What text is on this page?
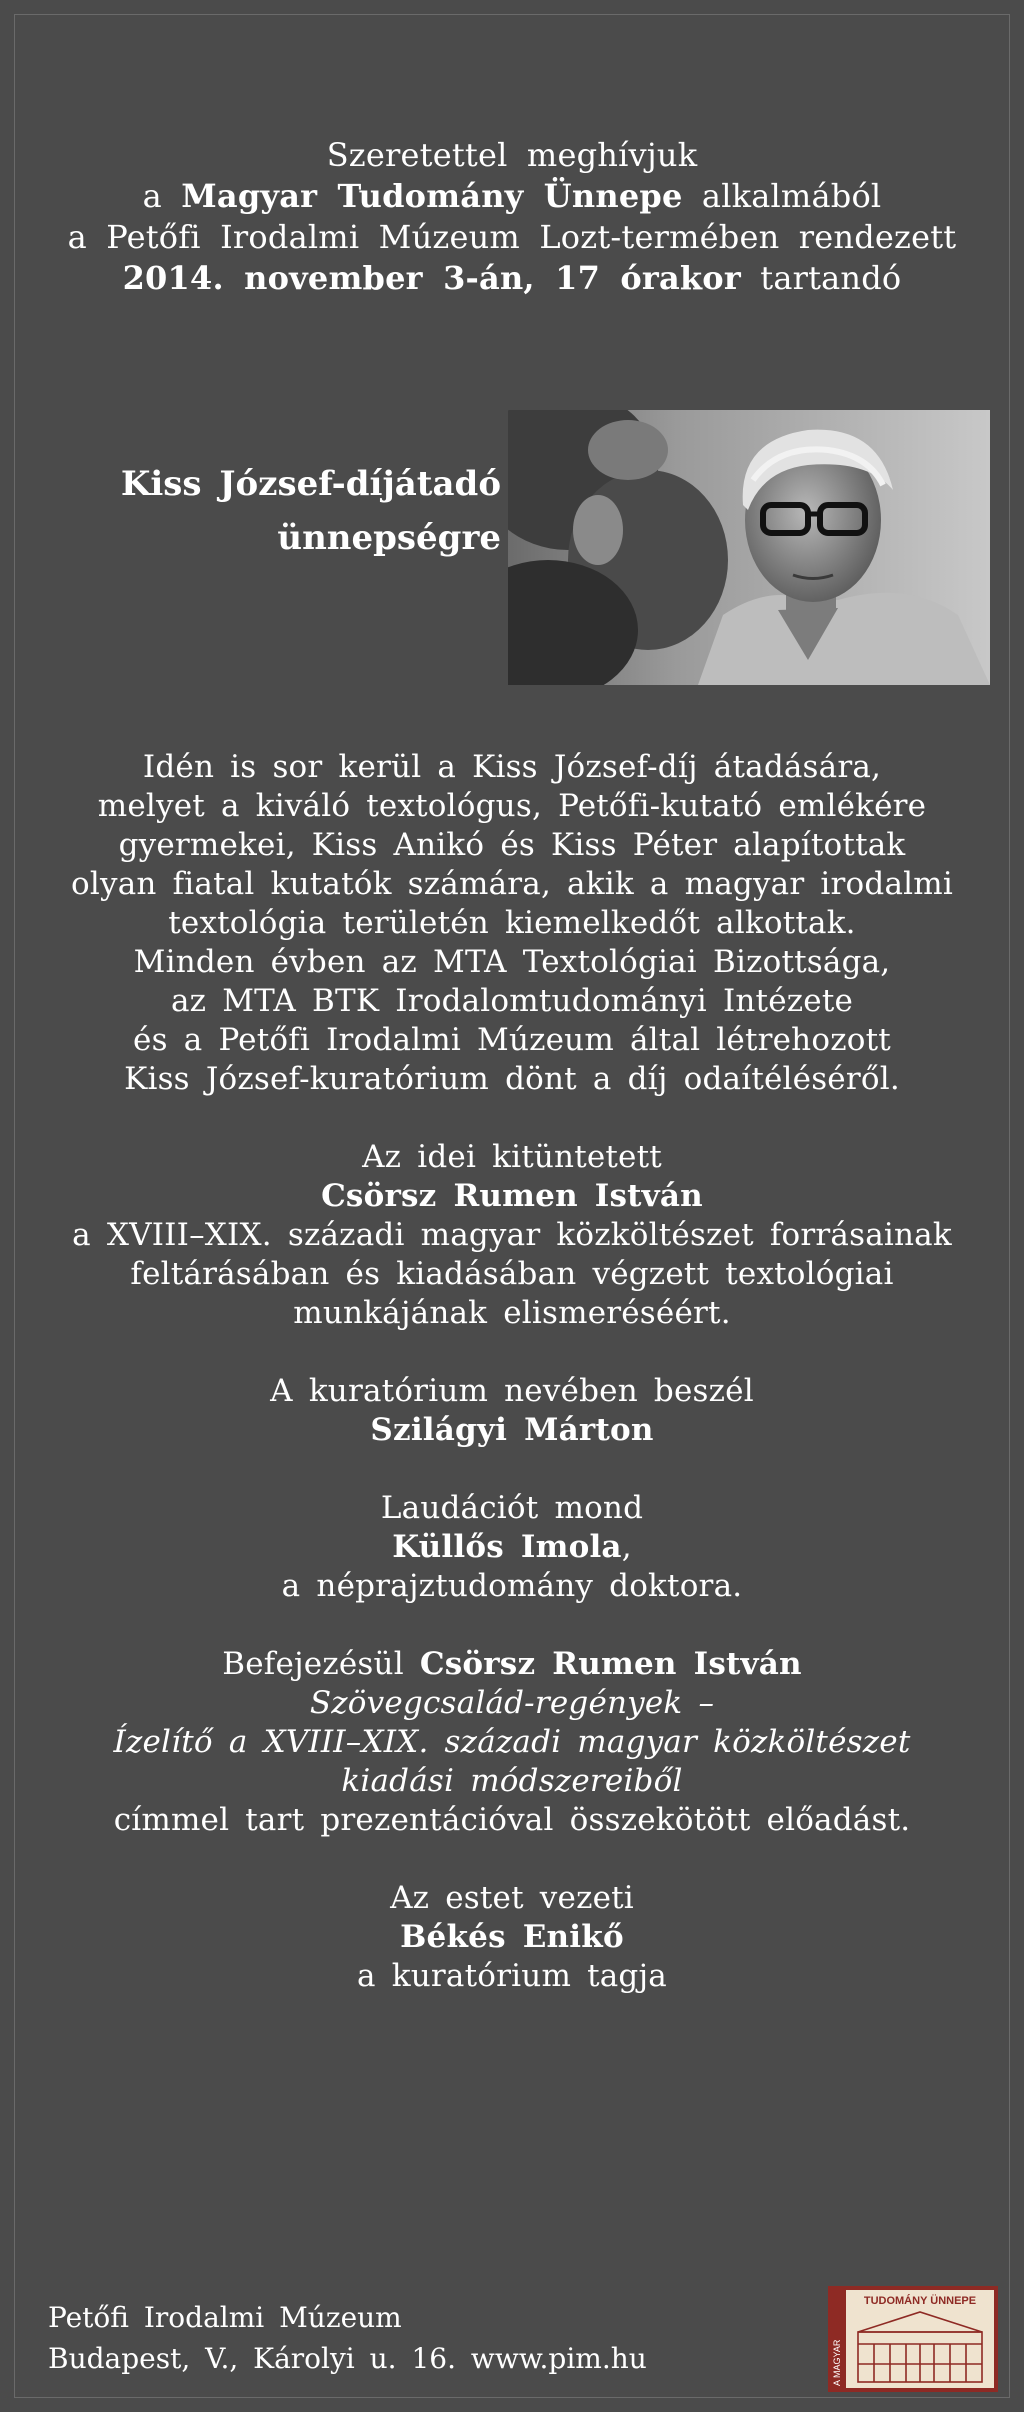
Szeretettel meghívjuk
a Magyar Tudomány Ünnepe alkalmából
a Petőfi Irodalmi Múzeum Lozt-termében rendezett
2014. november 3-án, 17 órakor tartandó
Kiss József-díjátadó
ünnepségre
Idén is sor kerül a Kiss József-díj átadására,
melyet a kiváló textológus, Petőfi-kutató emlékére
gyermekei, Kiss Anikó és Kiss Péter alapítottak
olyan fiatal kutatók számára, akik a magyar irodalmi
textológia területén kiemelkedőt alkottak.
Minden évben az MTA Textológiai Bizottsága,
az MTA BTK Irodalomtudományi Intézete
és a Petőfi Irodalmi Múzeum által létrehozott
Kiss József-kuratórium dönt a díj odaítéléséről.
Az idei kitüntetett
Csörsz Rumen István
a XVIII–XIX. századi magyar közköltészet forrásainak
feltárásában és kiadásában végzett textológiai
munkájának elismeréséért.
A kuratórium nevében beszél
Szilágyi Márton
Laudációt mond
Küllős Imola,
a néprajztudomány doktora.
Befejezésül Csörsz Rumen István
Szövegcsalád-regények –
Ízelítő a XVIII–XIX. századi magyar közköltészet
kiadási módszereiből
címmel tart prezentációval összekötött előadást.
Az estet vezeti
Békés Enikő
a kuratórium tagja
Petőfi Irodalmi Múzeum
Budapest, V., Károlyi u. 16. www.pim.hu	A MAGYAR
TUDOMÁNY ÜNNEPE
